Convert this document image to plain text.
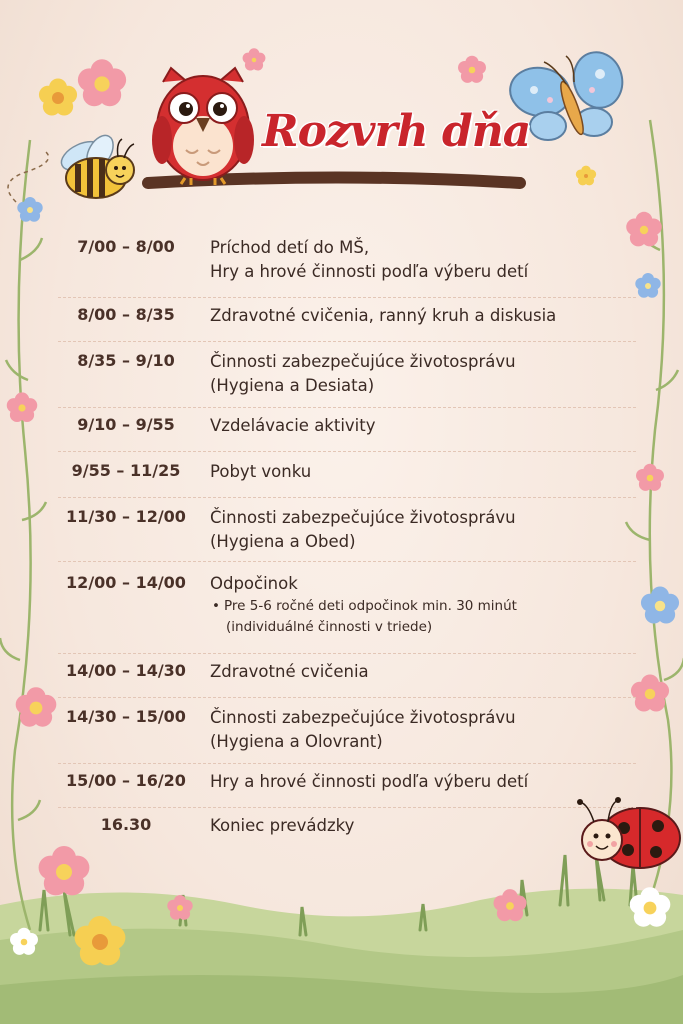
Rozvrh dňa
7/00 – 8/00	Príchod detí do MŠ,
Hry a hrové činnosti podľa výberu detí
8/00 – 8/35	Zdravotné cvičenia, ranný kruh a diskusia
8/35 – 9/10	Činnosti zabezpečujúce životosprávu
(Hygiena a Desiata)
9/10 – 9/55	Vzdelávacie aktivity
9/55 – 11/25	Pobyt vonku
11/30 – 12/00	Činnosti zabezpečujúce životosprávu
(Hygiena a Obed)
12/00 – 14/00	Odpočinok
• Pre 5-6 ročné deti odpočinok min. 30 minút
(individuálné činnosti v triede)
14/00 – 14/30	Zdravotné cvičenia
14/30 – 15/00	Činnosti zabezpečujúce životosprávu
(Hygiena a Olovrant)
15/00 – 16/20	Hry a hrové činnosti podľa výberu detí
16.30	Koniec prevádzky
